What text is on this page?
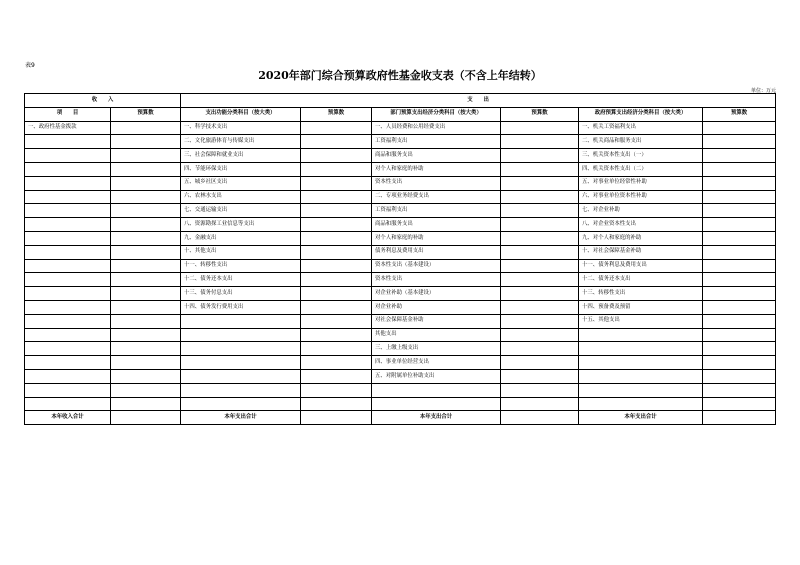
表9
2020年部门综合预算政府性基金收支表（不含上年结转）
单位：万元
收　　入		支　　出					
项　　目	预算数	支出功能分类科目（按大类）	预算数	部门预算支出经济分类科目（按大类）	预算数	政府预算支出经济分类科目（按大类）	预算数
一、政府性基金拨款		一、科学技术支出		一、人员经费和公用经费支出		一、机关工资福利支出	
		二、文化旅游体育与传媒支出		工资福利支出		二、机关商品和服务支出	
		三、社会保障和就业支出		商品和服务支出		三、机关资本性支出（一）	
		四、节能环保支出		对个人和家庭的补助		四、机关资本性支出（二）	
		五、城乡社区支出		资本性支出		五、对事业单位经常性补助	
		六、农林水支出		二、专项业务经费支出		六、对事业单位资本性补助	
		七、交通运输支出		工资福利支出		七、对企业补助	
		八、资源勘探工业信息等支出		商品和服务支出		八、对企业资本性支出	
		九、金融支出		对个人和家庭的补助		九、对个人和家庭的补助	
		十、其他支出		债务利息及费用支出		十、对社会保障基金补助	
		十一、转移性支出		资本性支出（基本建设）		十一、债务利息及费用支出	
		十二、债务还本支出		资本性支出		十二、债务还本支出	
		十三、债务付息支出		对企业补助（基本建设）		十三、转移性支出	
		十四、债务发行费用支出		对企业补助		十四、预备费及预留	
				对社会保障基金补助		十五、其他支出	
				其他支出			
				三、上缴上级支出			
				四、事业单位经营支出			
				五、对附属单位补助支出			

本年收入合计		本年支出合计		本年支出合计		本年支出合计	
